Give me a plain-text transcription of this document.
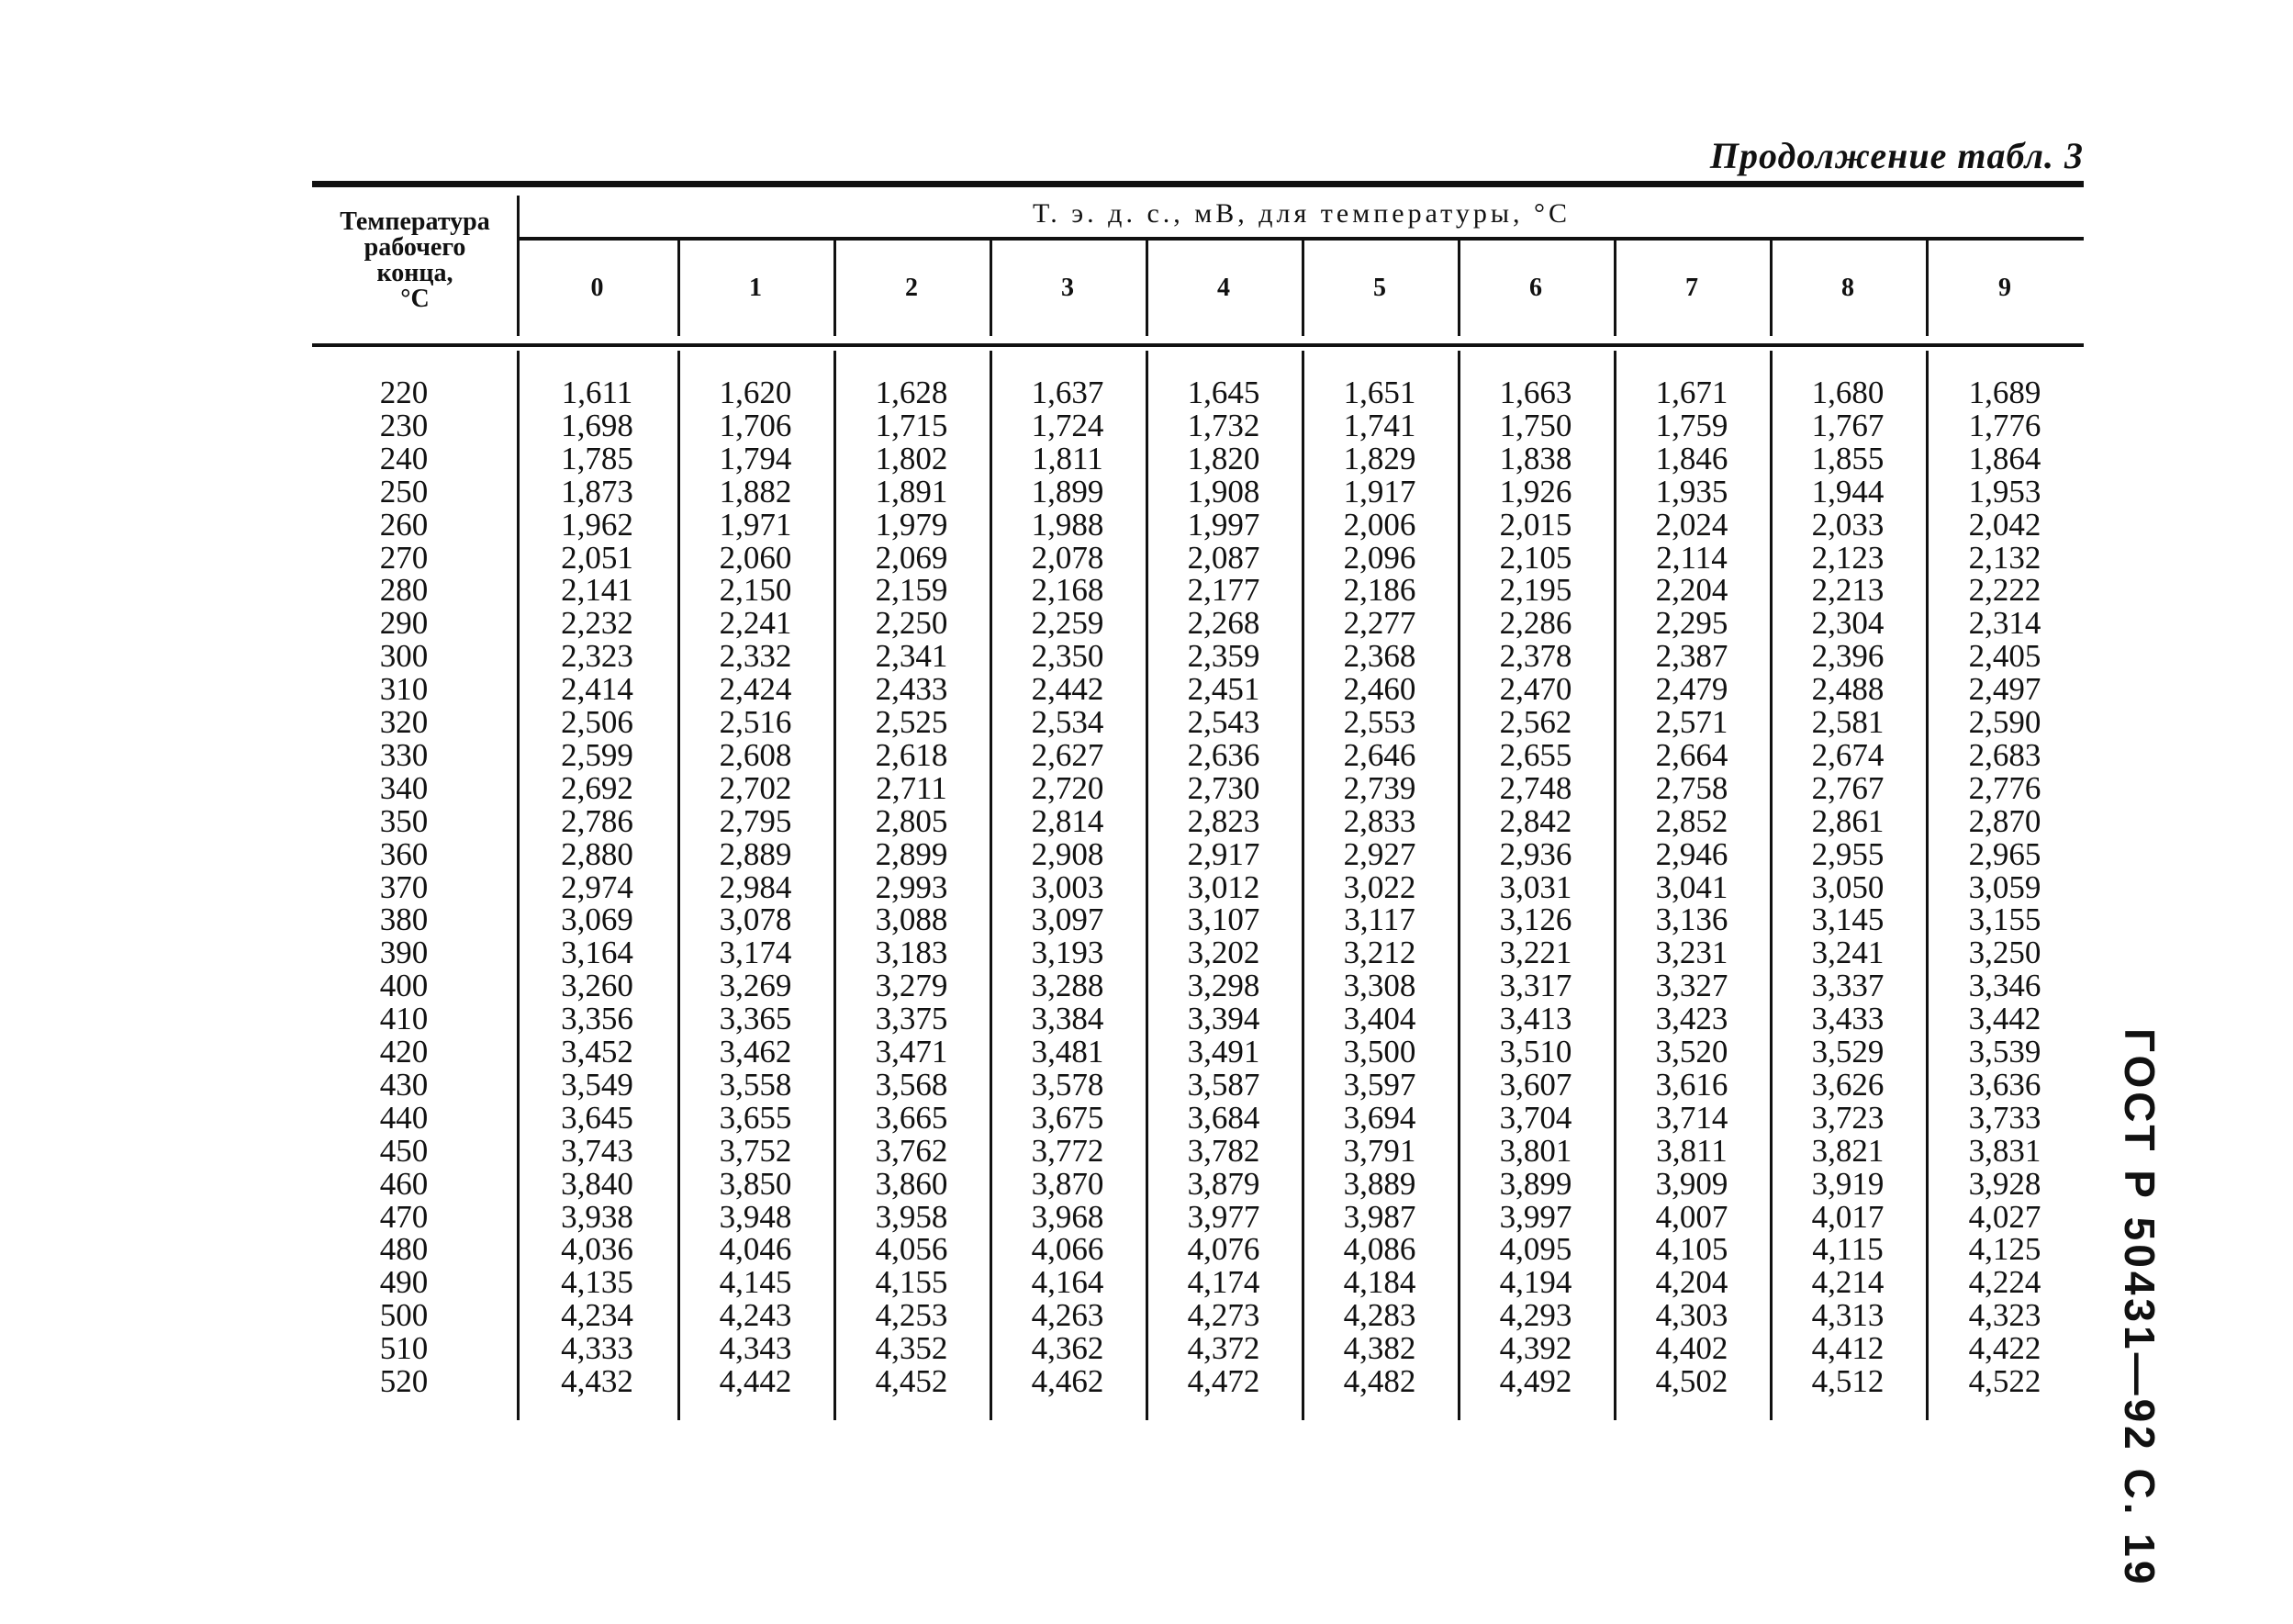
Продолжение табл. 3
Температура
рабочего
конца,
°C
Т. э. д. с., мВ, для температуры, °C
0	1	2	3	4	5	6	7	8	9
220	1,611	1,620	1,628	1,637	1,645	1,651	1,663	1,671	1,680	1,689
230	1,698	1,706	1,715	1,724	1,732	1,741	1,750	1,759	1,767	1,776
240	1,785	1,794	1,802	1,811	1,820	1,829	1,838	1,846	1,855	1,864
250	1,873	1,882	1,891	1,899	1,908	1,917	1,926	1,935	1,944	1,953
260	1,962	1,971	1,979	1,988	1,997	2,006	2,015	2,024	2,033	2,042
270	2,051	2,060	2,069	2,078	2,087	2,096	2,105	2,114	2,123	2,132
280	2,141	2,150	2,159	2,168	2,177	2,186	2,195	2,204	2,213	2,222
290	2,232	2,241	2,250	2,259	2,268	2,277	2,286	2,295	2,304	2,314
300	2,323	2,332	2,341	2,350	2,359	2,368	2,378	2,387	2,396	2,405
310	2,414	2,424	2,433	2,442	2,451	2,460	2,470	2,479	2,488	2,497
320	2,506	2,516	2,525	2,534	2,543	2,553	2,562	2,571	2,581	2,590
330	2,599	2,608	2,618	2,627	2,636	2,646	2,655	2,664	2,674	2,683
340	2,692	2,702	2,711	2,720	2,730	2,739	2,748	2,758	2,767	2,776
350	2,786	2,795	2,805	2,814	2,823	2,833	2,842	2,852	2,861	2,870
360	2,880	2,889	2,899	2,908	2,917	2,927	2,936	2,946	2,955	2,965
370	2,974	2,984	2,993	3,003	3,012	3,022	3,031	3,041	3,050	3,059
380	3,069	3,078	3,088	3,097	3,107	3,117	3,126	3,136	3,145	3,155
390	3,164	3,174	3,183	3,193	3,202	3,212	3,221	3,231	3,241	3,250
400	3,260	3,269	3,279	3,288	3,298	3,308	3,317	3,327	3,337	3,346
410	3,356	3,365	3,375	3,384	3,394	3,404	3,413	3,423	3,433	3,442
420	3,452	3,462	3,471	3,481	3,491	3,500	3,510	3,520	3,529	3,539
430	3,549	3,558	3,568	3,578	3,587	3,597	3,607	3,616	3,626	3,636
440	3,645	3,655	3,665	3,675	3,684	3,694	3,704	3,714	3,723	3,733
450	3,743	3,752	3,762	3,772	3,782	3,791	3,801	3,811	3,821	3,831
460	3,840	3,850	3,860	3,870	3,879	3,889	3,899	3,909	3,919	3,928
470	3,938	3,948	3,958	3,968	3,977	3,987	3,997	4,007	4,017	4,027
480	4,036	4,046	4,056	4,066	4,076	4,086	4,095	4,105	4,115	4,125
490	4,135	4,145	4,155	4,164	4,174	4,184	4,194	4,204	4,214	4,224
500	4,234	4,243	4,253	4,263	4,273	4,283	4,293	4,303	4,313	4,323
510	4,333	4,343	4,352	4,362	4,372	4,382	4,392	4,402	4,412	4,422
520	4,432	4,442	4,452	4,462	4,472	4,482	4,492	4,502	4,512	4,522	ГОСТ Р 50431—92 С. 19
